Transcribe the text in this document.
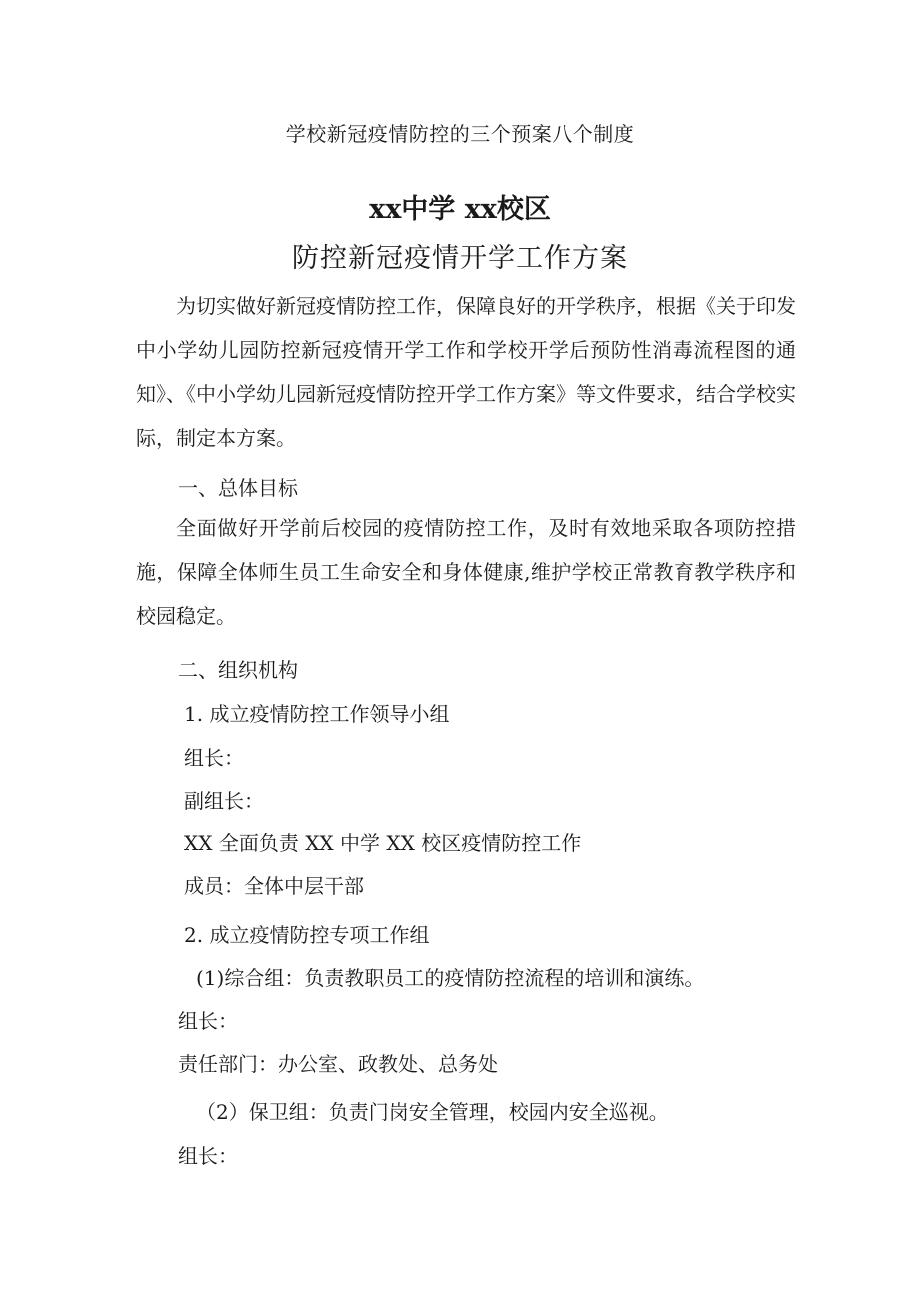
学校新冠疫情防控的三个预案八个制度
xx中学 xx校区
防控新冠疫情开学工作方案
为切实做好新冠疫情防控工作，保障良好的开学秩序，根据《关于印发中小学幼儿园防控新冠疫情开学工作和学校开学后预防性消毒流程图的通知》、《中小学幼儿园新冠疫情防控开学工作方案》等文件要求，结合学校实际，制定本方案。
一、总体目标
全面做好开学前后校园的疫情防控工作，及时有效地采取各项防控措施，保障全体师生员工生命安全和身体健康,维护学校正常教育教学秩序和校园稳定。
二、组织机构
1. 成立疫情防控工作领导小组
组长：
副组长：
XX 全面负责 XX 中学 XX 校区疫情防控工作
成员：全体中层干部
2. 成立疫情防控专项工作组
(1)综合组：负责教职员工的疫情防控流程的培训和演练。
组长：
责任部门：办公室、政教处、总务处
（2）保卫组：负责门岗安全管理，校园内安全巡视。
组长：
